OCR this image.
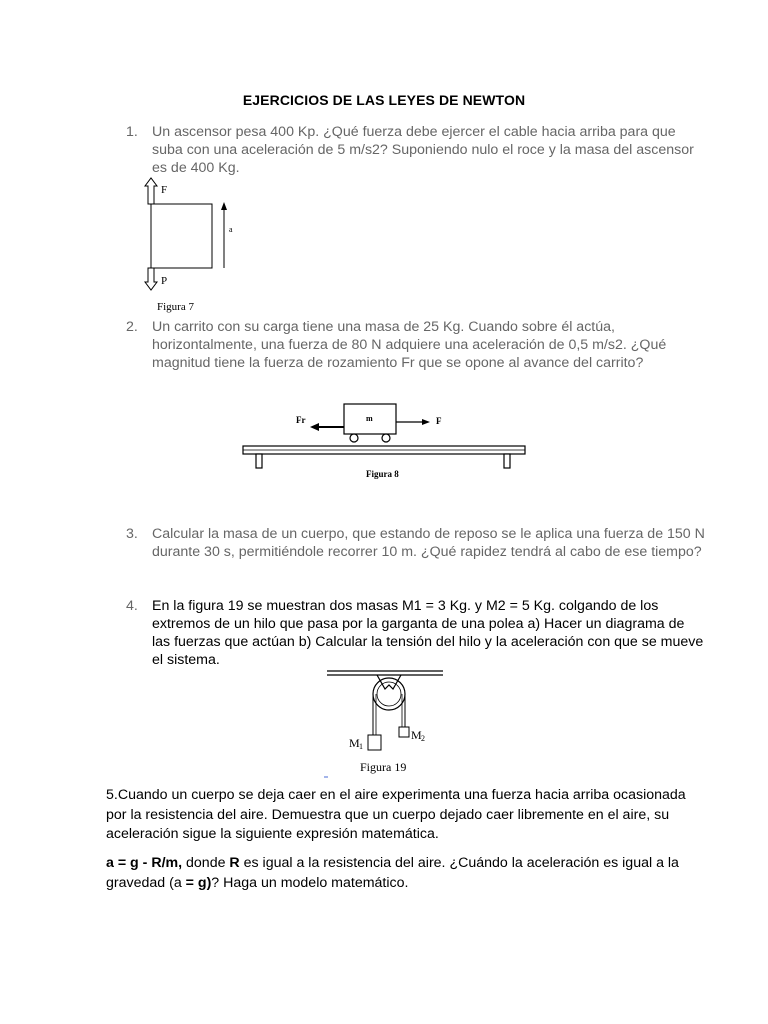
EJERCICIOS DE LAS LEYES DE NEWTON
1. Un ascensor pesa 400 Kp. ¿Qué fuerza debe ejercer el cable hacia arriba para que suba con una aceleración de 5 m/s2? Suponiendo nulo el roce y la masa del ascensor es de 400 Kg.
F
a
P
Figura 7
2. Un carrito con su carga tiene una masa de 25 Kg. Cuando sobre él actúa, horizontalmente, una fuerza de 80 N adquiere una aceleración de 0,5 m/s2. ¿Qué magnitud tiene la fuerza de rozamiento Fr que se opone al avance del carrito?
m
Fr	F
Figura 8
3. Calcular la masa de un cuerpo, que estando de reposo se le aplica una fuerza de 150 N durante 30 s, permitiéndole recorrer 10 m. ¿Qué rapidez tendrá al cabo de ese tiempo?
4. En la figura 19 se muestran dos masas M1 = 3 Kg. y M2 = 5 Kg. colgando de los extremos de un hilo que pasa por la garganta de una polea a) Hacer un diagrama de las fuerzas que actúan b) Calcular la tensión del hilo y la aceleración con que se mueve el sistema.
M 1
M 2
Figura 19
5.Cuando un cuerpo se deja caer en el aire experimenta una fuerza hacia arriba ocasionada por la resistencia del aire. Demuestra que un cuerpo dejado caer libremente en el aire, su aceleración sigue la siguiente expresión matemática.
a = g - R/m, donde R es igual a la resistencia del aire. ¿Cuándo la aceleración es igual a la gravedad (a = g)? Haga un modelo matemático.
